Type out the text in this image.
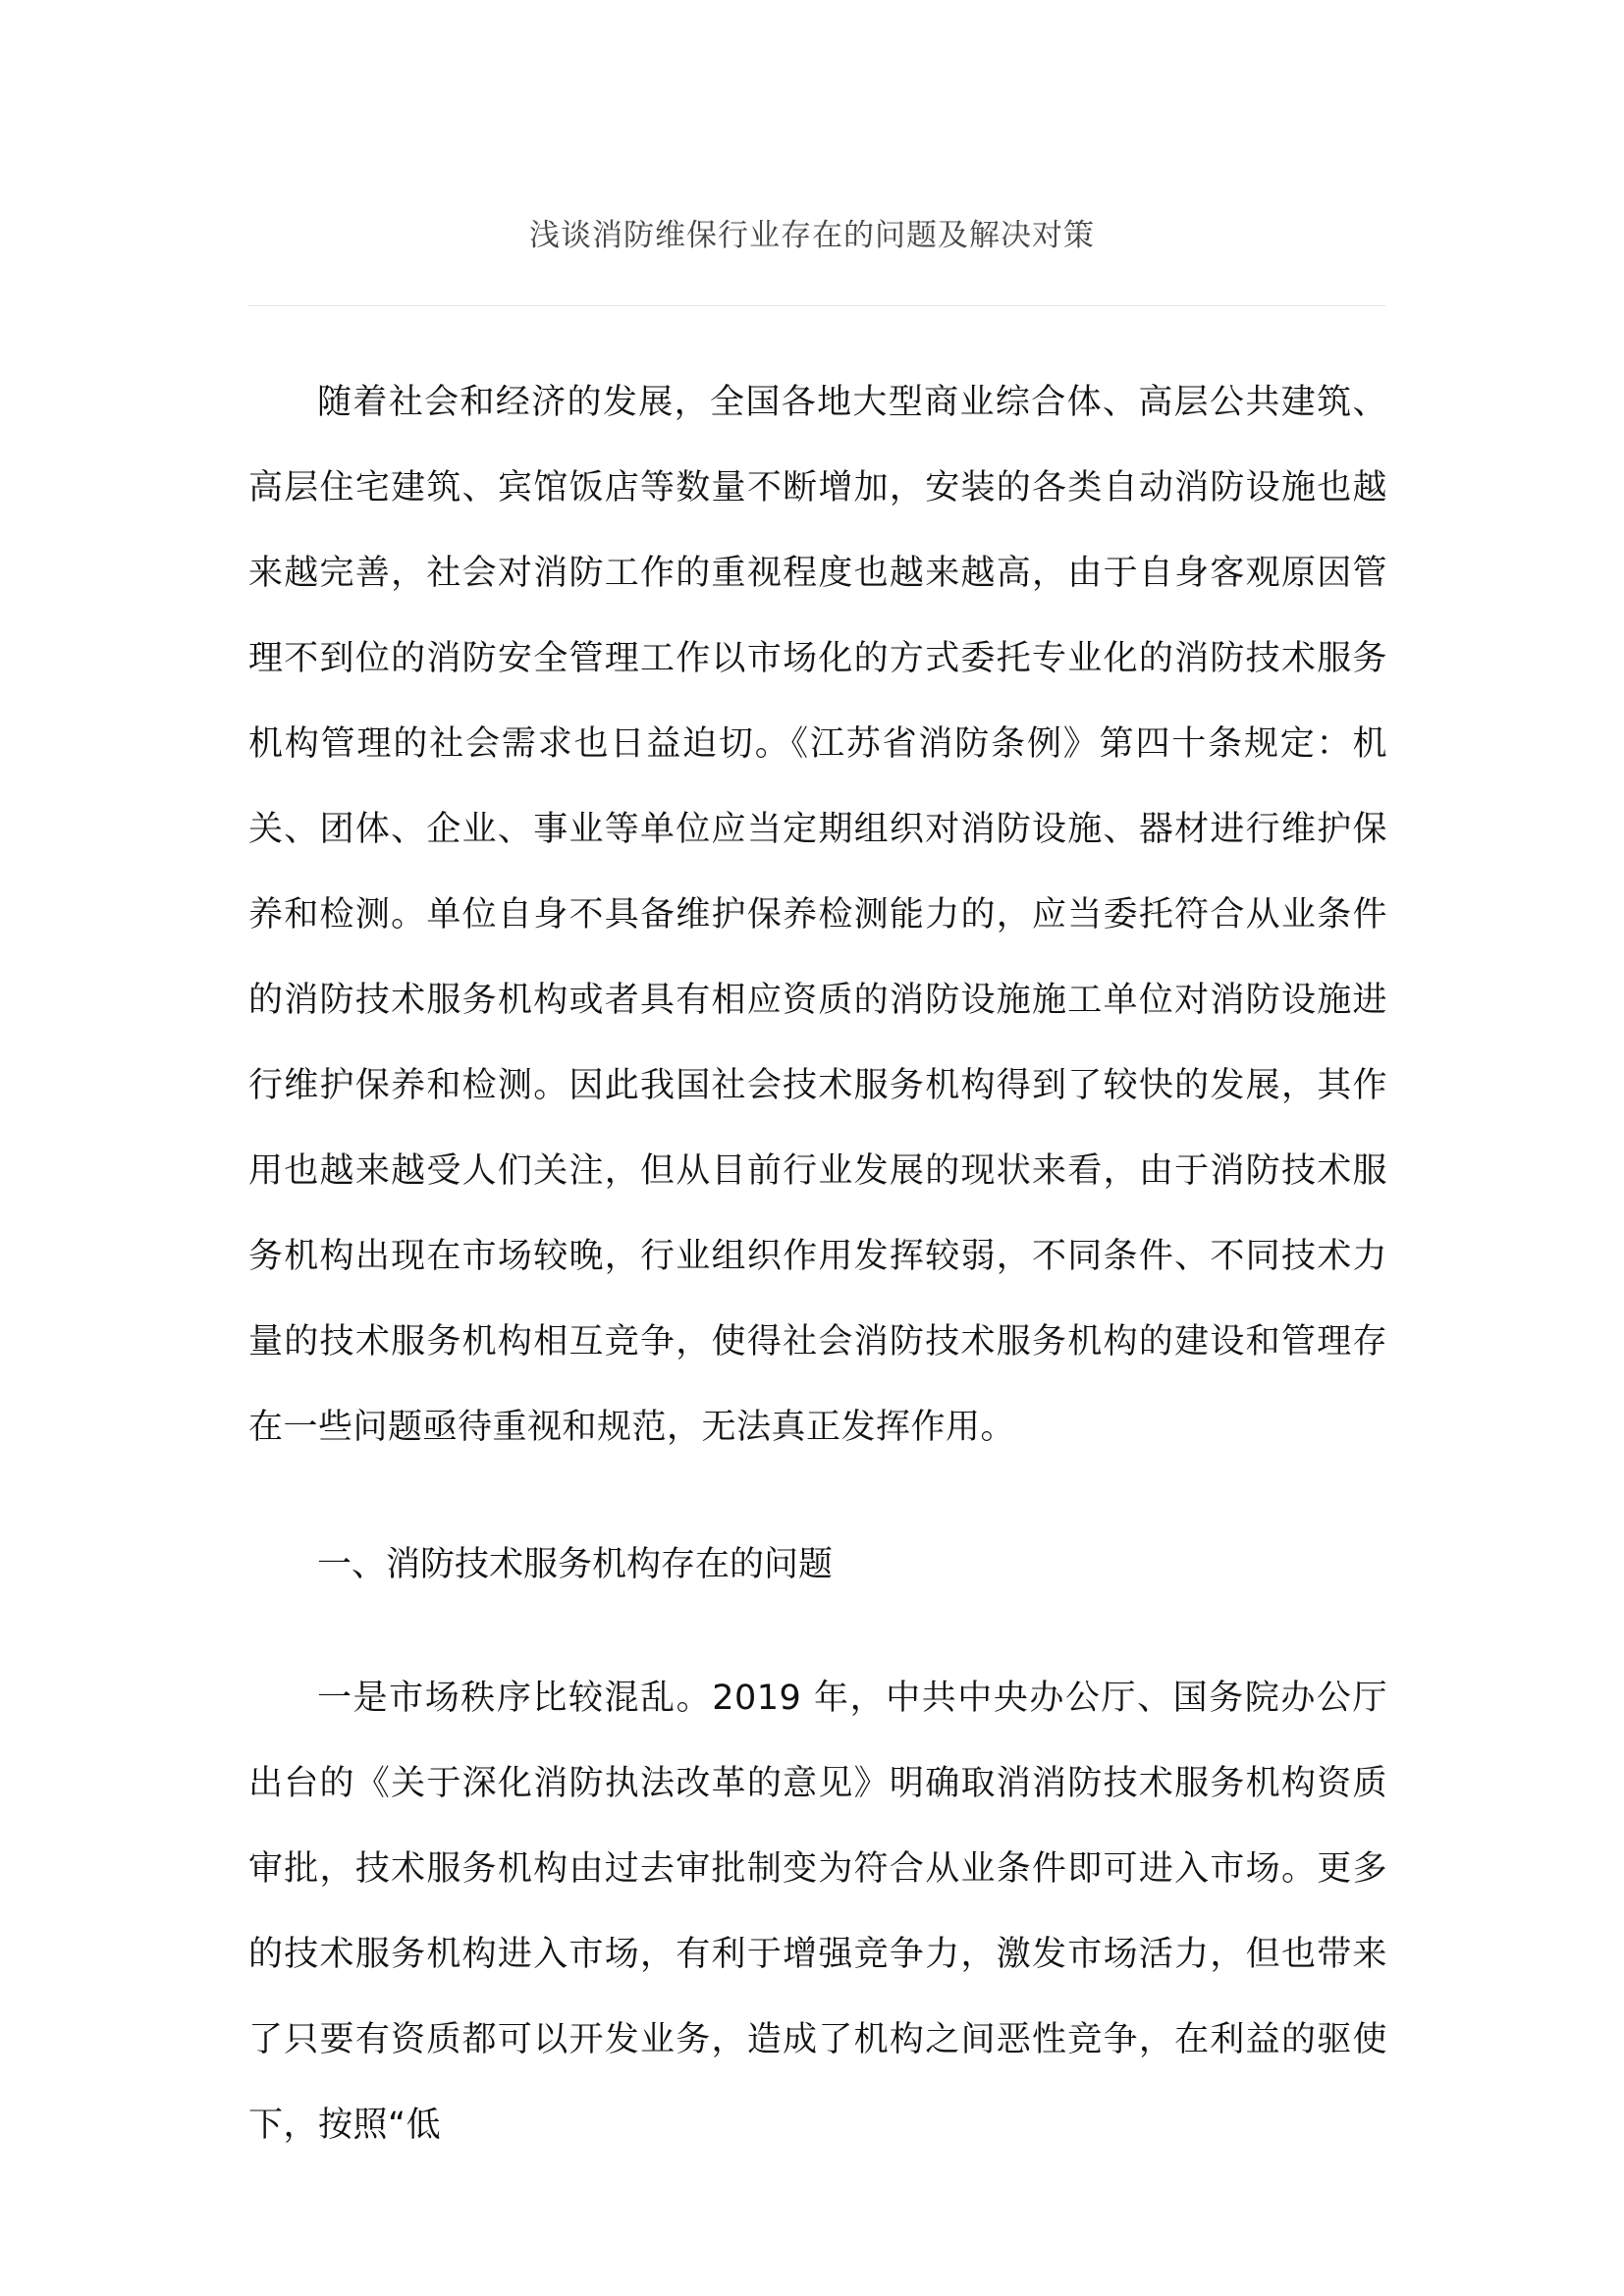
浅谈消防维保行业存在的问题及解决对策

随着社会和经济的发展，全国各地大型商业综合体、高层公共建筑、高层住宅建筑、宾馆饭店等数量不断增加，安装的各类自动消防设施也越来越完善，社会对消防工作的重视程度也越来越高，由于自身客观原因管理不到位的消防安全管理工作以市场化的方式委托专业化的消防技术服务机构管理的社会需求也日益迫切。《江苏省消防条例》第四十条规定：机关、团体、企业、事业等单位应当定期组织对消防设施、器材进行维护保养和检测。单位自身不具备维护保养检测能力的，应当委托符合从业条件的消防技术服务机构或者具有相应资质的消防设施施工单位对消防设施进行维护保养和检测。因此我国社会技术服务机构得到了较快的发展，其作用也越来越受人们关注，但从目前行业发展的现状来看，由于消防技术服务机构出现在市场较晚，行业组织作用发挥较弱，不同条件、不同技术力量的技术服务机构相互竞争，使得社会消防技术服务机构的建设和管理存在一些问题亟待重视和规范，无法真正发挥作用。

一、消防技术服务机构存在的问题

一是市场秩序比较混乱。2019 年，中共中央办公厅、国务院办公厅出台的《关于深化消防执法改革的意见》明确取消消防技术服务机构资质审批，技术服务机构由过去审批制变为符合从业条件即可进入市场。更多的技术服务机构进入市场，有利于增强竞争力，激发市场活力，但也带来了只要有资质都可以开发业务，造成了机构之间恶性竞争，在利益的驱使下，按照“低
